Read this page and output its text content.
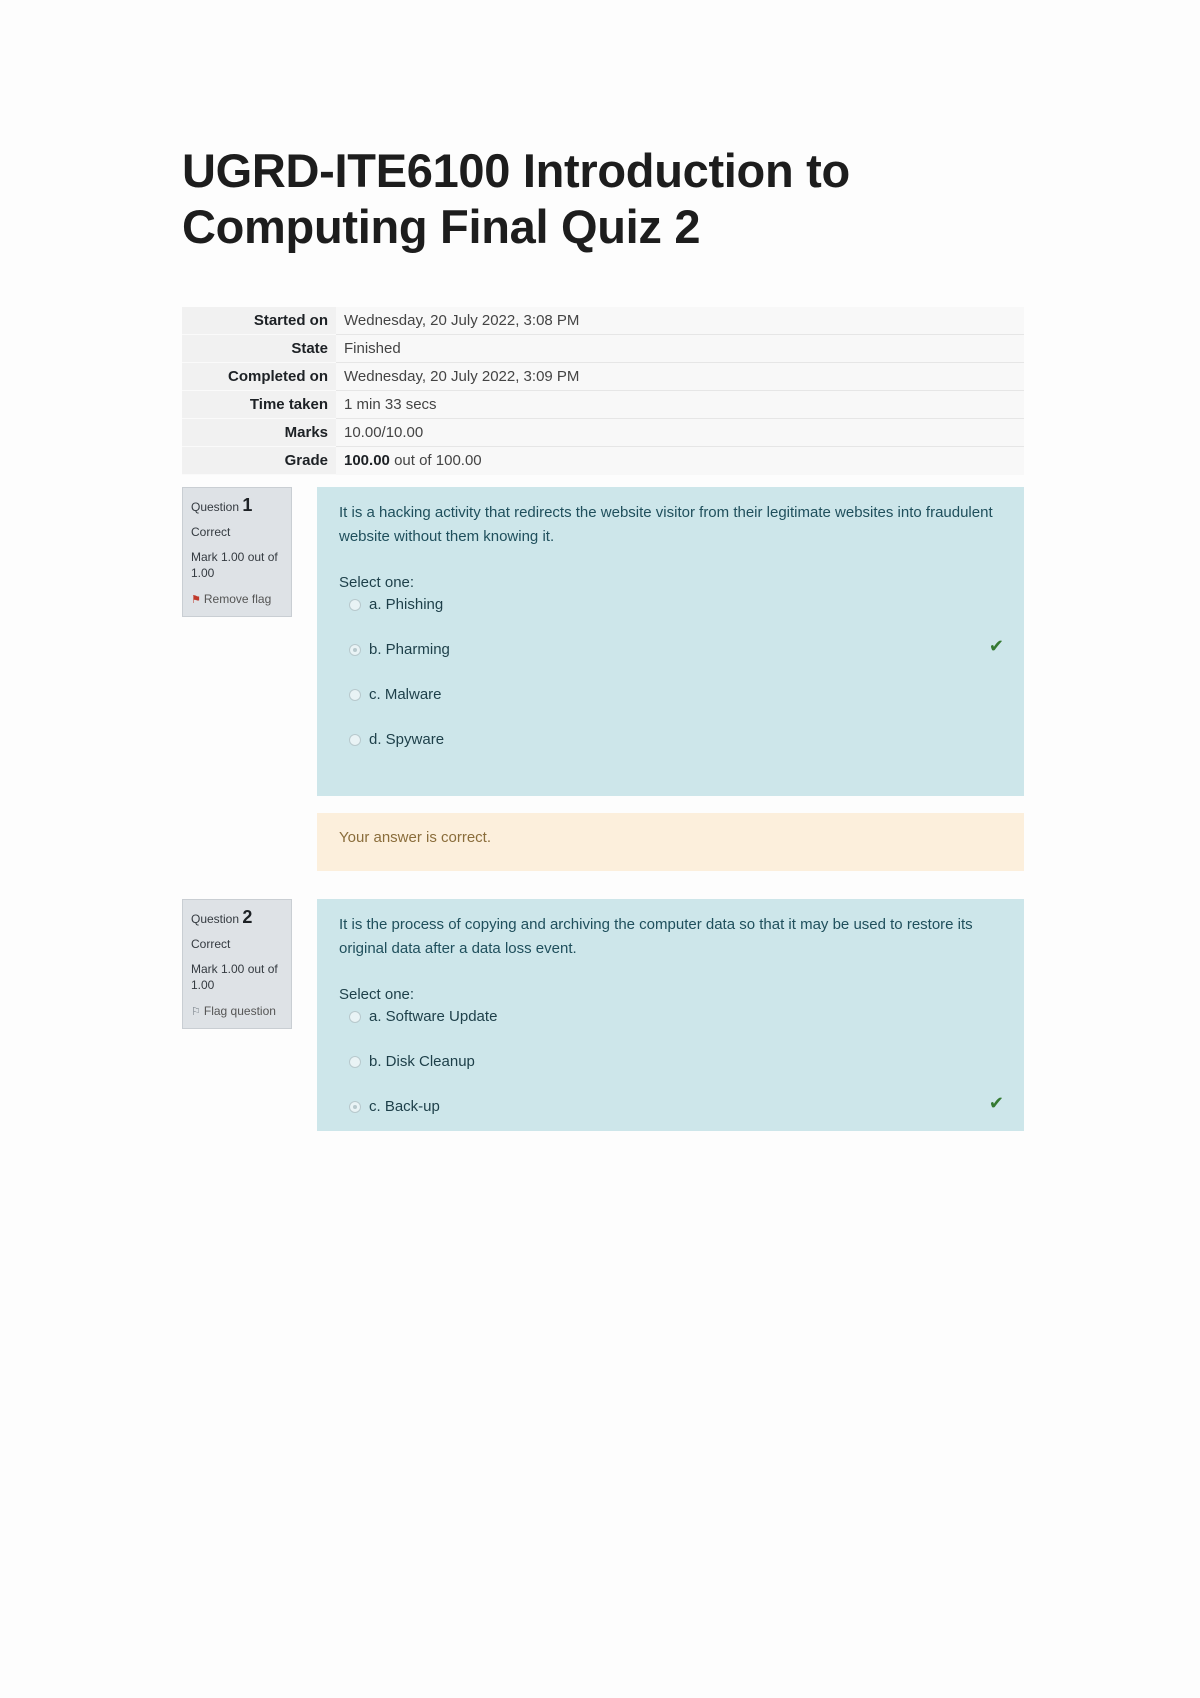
UGRD-ITE6100 Introduction to Computing Final Quiz 2
Started on	Wednesday, 20 July 2022, 3:08 PM
State	Finished
Completed on	Wednesday, 20 July 2022, 3:09 PM
Time taken	1 min 33 secs
Marks	10.00/10.00
Grade	100.00 out of 100.00
Question 1
Correct
Mark 1.00 out of 1.00
⚑ Remove flag

It is a hacking activity that redirects the website visitor from their legitimate websites into fraudulent website without them knowing it.

Select one:
a. Phishing
b. Pharming	✔
c. Malware
d. Spyware
Your answer is correct.
Question 2
Correct
Mark 1.00 out of 1.00
⚐ Flag question

It is the process of copying and archiving the computer data so that it may be used to restore its original data after a data loss event.

Select one:
a. Software Update
b. Disk Cleanup
c. Back-up	✔
